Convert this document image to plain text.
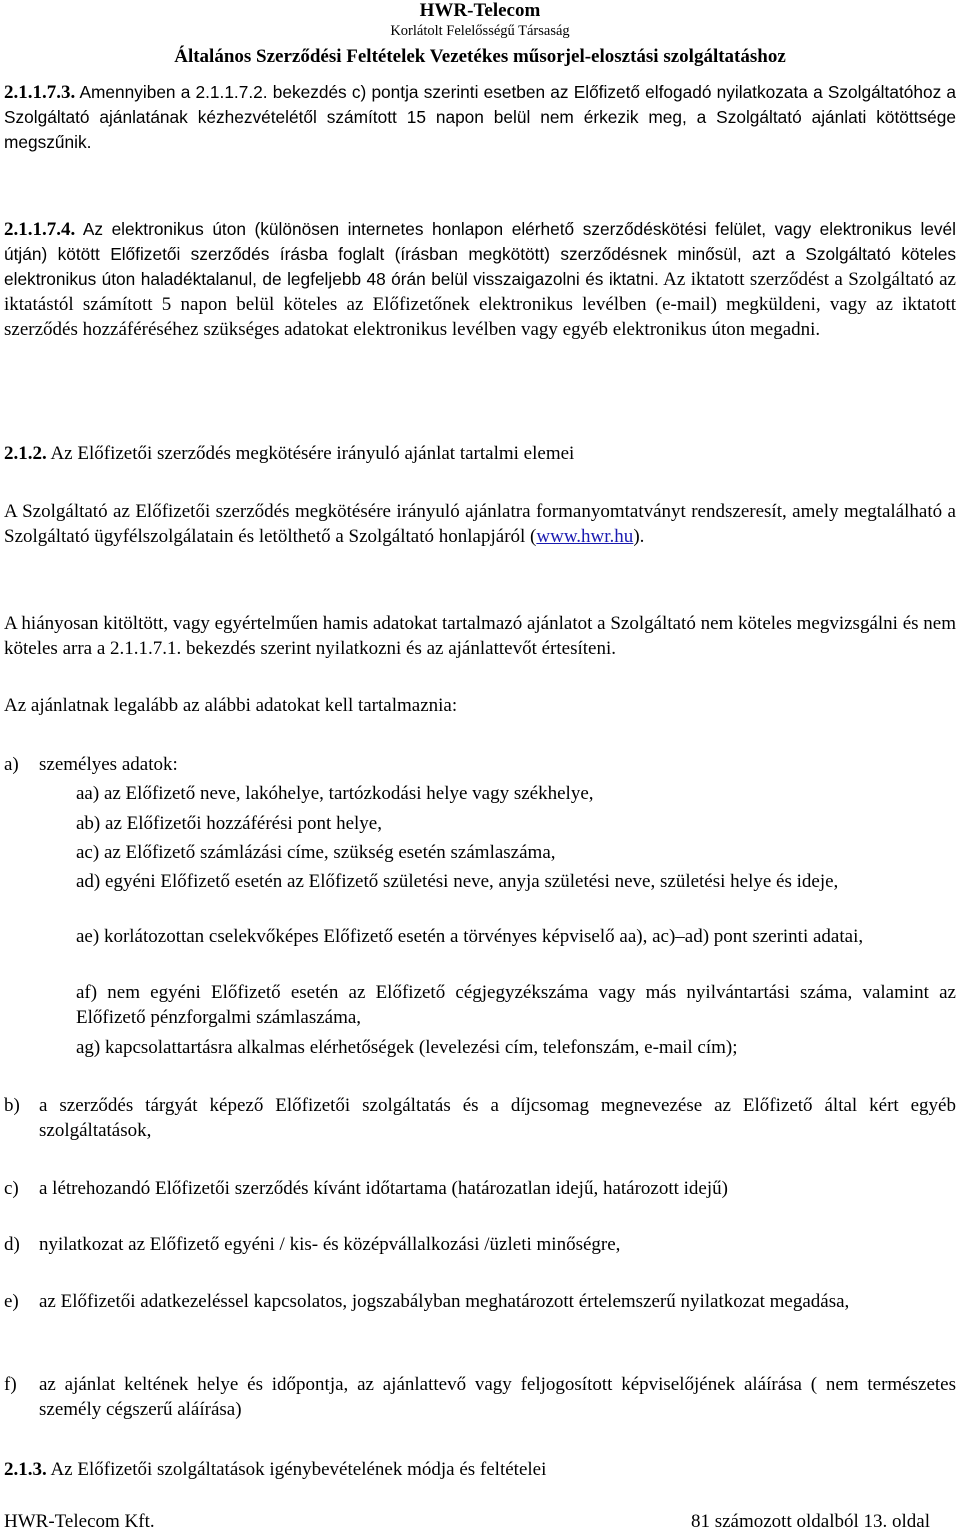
HWR-Telecom
Korlátolt Felelősségű Társaság
Általános Szerződési Feltételek Vezetékes műsorjel-elosztási szolgáltatáshoz
2.1.1.7.3. Amennyiben a 2.1.1.7.2. bekezdés c) pontja szerinti esetben az Előfizető elfogadó nyilatkozata a Szolgáltatóhoz a Szolgáltató ajánlatának kézhezvételétől számított 15 napon belül nem érkezik meg, a Szolgáltató ajánlati kötöttsége megszűnik.
2.1.1.7.4. Az elektronikus úton (különösen internetes honlapon elérhető szerződéskötési felület, vagy elektronikus levél útján) kötött Előfizetői szerződés írásba foglalt (írásban megkötött) szerződésnek minősül, azt a Szolgáltató köteles elektronikus úton haladéktalanul, de legfeljebb 48 órán belül visszaigazolni és iktatni. Az iktatott szerződést a Szolgáltató az iktatástól számított 5 napon belül köteles az Előfizetőnek elektronikus levélben (e-mail) megküldeni, vagy az iktatott szerződés hozzáféréséhez szükséges adatokat elektronikus levélben vagy egyéb elektronikus úton megadni.
2.1.2. Az Előfizetői szerződés megkötésére irányuló ajánlat tartalmi elemei
A Szolgáltató az Előfizetői szerződés megkötésére irányuló ajánlatra formanyomtatványt rendszeresít, amely megtalálható a Szolgáltató ügyfélszolgálatain és letölthető a Szolgáltató honlapjáról (www.hwr.hu).
A hiányosan kitöltött, vagy egyértelműen hamis adatokat tartalmazó ajánlatot a Szolgáltató nem köteles megvizsgálni és nem köteles arra a 2.1.1.7.1. bekezdés szerint nyilatkozni és az ajánlattevőt értesíteni.
Az ajánlatnak legalább az alábbi adatokat kell tartalmaznia:
a) személyes adatok:
aa) az Előfizető neve, lakóhelye, tartózkodási helye vagy székhelye,
ab) az Előfizetői hozzáférési pont helye,
ac) az Előfizető számlázási címe, szükség esetén számlaszáma,
ad) egyéni Előfizető esetén az Előfizető születési neve, anyja születési neve, születési helye és ideje,
ae) korlátozottan cselekvőképes Előfizető esetén a törvényes képviselő aa), ac)–ad) pont szerinti adatai,
af) nem egyéni Előfizető esetén az Előfizető cégjegyzékszáma vagy más nyilvántartási száma, valamint az Előfizető pénzforgalmi számlaszáma,
ag) kapcsolattartásra alkalmas elérhetőségek (levelezési cím, telefonszám, e-mail cím);
b) a szerződés tárgyát képező Előfizetői szolgáltatás és a díjcsomag megnevezése az Előfizető által kért egyéb szolgáltatások,
c) a létrehozandó Előfizetői szerződés kívánt időtartama (határozatlan idejű, határozott idejű)
d) nyilatkozat az Előfizető egyéni / kis- és középvállalkozási /üzleti minőségre,
e) az Előfizetői adatkezeléssel kapcsolatos, jogszabályban meghatározott értelemszerű nyilatkozat megadása,
f) az ajánlat keltének helye és időpontja, az ajánlattevő vagy feljogosított képviselőjének aláírása ( nem természetes személy cégszerű aláírása)
2.1.3. Az Előfizetői szolgáltatások igénybevételének módja és feltételei
HWR-Telecom Kft.	81 számozott oldalból 13. oldal
